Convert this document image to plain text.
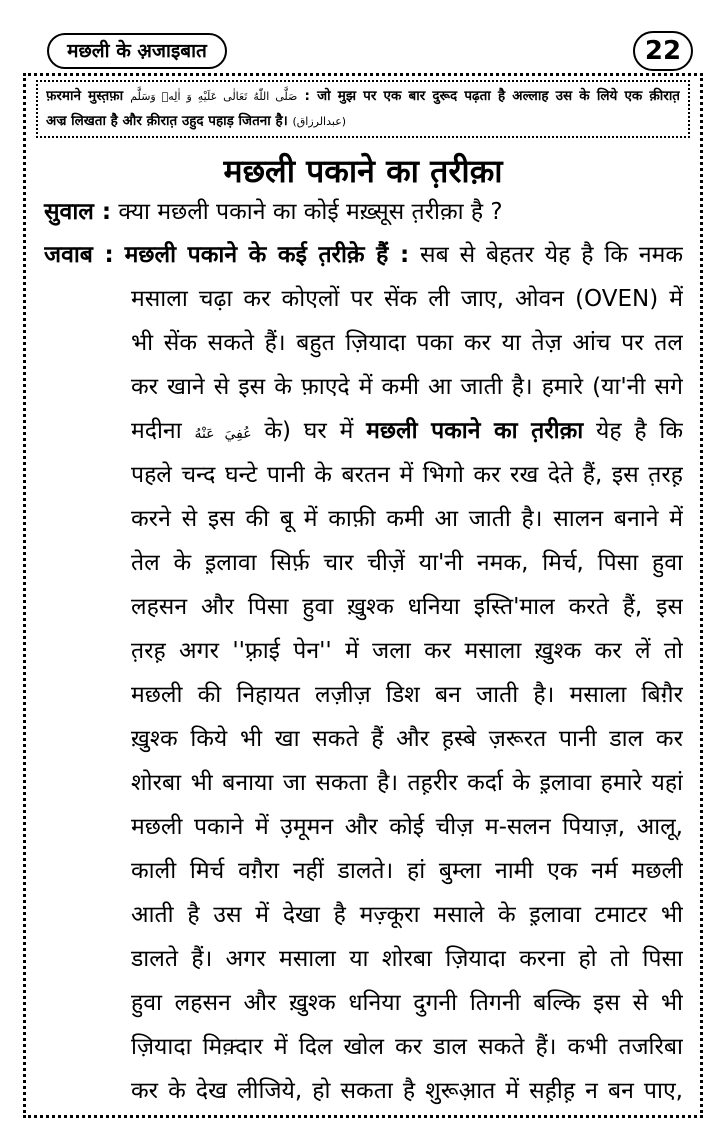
मछली के अ़जाइबात	22
फ़रमाने मुस्त़फ़ा صَلَّى اللّٰهُ تَعَالٰى عَلَيْهِ وَ اٰلِهٖ وَسَلَّم : जो मुझ पर एक बार दुरूद पढ़ता है अल्लाह उस के लिये एक क़ीरात़
अज्र लिखता है और क़ीरात़ उहुद पहाड़ जितना है। (عبدالرزاق)
मछली पकाने का त़रीक़ा
सुवाल : क्या मछली पकाने का कोई मख़्सूस त़रीक़ा है ?
जवाब : मछली पकाने के कई त़रीक़े हैं : सब से बेहतर येह है कि नमक
मसाला चढ़ा कर कोएलों पर सेंक ली जाए, ओवन (OVEN) में
भी सेंक सकते हैं। बहुत ज़ियादा पका कर या तेज़ आंच पर तल
कर खाने से इस के फ़ाएदे में कमी आ जाती है। हमारे (या'नी सगे
मदीना عُفِيَ عَنْهُ के) घर में मछली पकाने का त़रीक़ा येह है कि
पहले चन्द घन्टे पानी के बरतन में भिगो कर रख देते हैं, इस त़रह़
करने से इस की बू में काफ़ी कमी आ जाती है। सालन बनाने में
तेल के इ़लावा सिर्फ़ चार चीज़ें या'नी नमक, मिर्च, पिसा हुवा
लहसन और पिसा हुवा ख़ुश्क धनिया इस्ति'माल करते हैं, इस
त़रह़ अगर ''फ़्राई पेन'' में जला कर मसाला ख़ुश्क कर लें तो
मछली की निहायत लज़ीज़ डिश बन जाती है। मसाला बिग़ैर
ख़ुश्क किये भी खा सकते हैं और ह़स्बे ज़रूरत पानी डाल कर
शोरबा भी बनाया जा सकता है। तह़रीर कर्दा के इ़लावा हमारे यहां
मछली पकाने में उ़मूमन और कोई चीज़ म-सलन पियाज़, आलू,
काली मिर्च वग़ैरा नहीं डालते। हां बुम्ला नामी एक नर्म मछली
आती है उस में देखा है मज़्कूरा मसाले के इ़लावा टमाटर भी
डालते हैं। अगर मसाला या शोरबा ज़ियादा करना हो तो पिसा
हुवा लहसन और ख़ुश्क धनिया दुगनी तिगनी बल्कि इस से भी
ज़ियादा मिक़्दार में दिल खोल कर डाल सकते हैं। कभी तजरिबा
कर के देख लीजिये, हो सकता है शुरूआ़त में सह़ीह़ न बन पाए,
